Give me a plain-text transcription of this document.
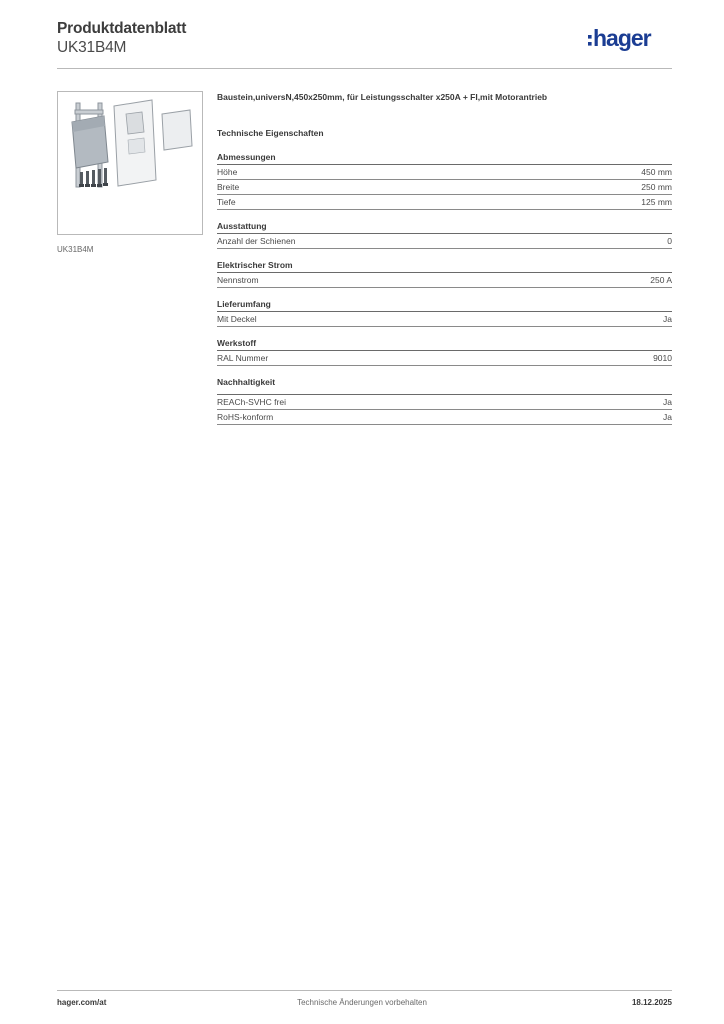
Produktdatenblatt
UK31B4M	hager
UK31B4M
Baustein,universN,450x250mm, für Leistungsschalter x250A + FI,mit Motorantrieb
Technische Eigenschaften
Abmessungen
Höhe	450 mm
Breite	250 mm
Tiefe	125 mm
Ausstattung
Anzahl der Schienen	0
Elektrischer Strom
Nennstrom	250 A
Lieferumfang
Mit Deckel	Ja
Werkstoff
RAL Nummer	9010
Nachhaltigkeit
REACh-SVHC frei	Ja
RoHS-konform	Ja
hager.com/at	Technische Änderungen vorbehalten	18.12.2025
